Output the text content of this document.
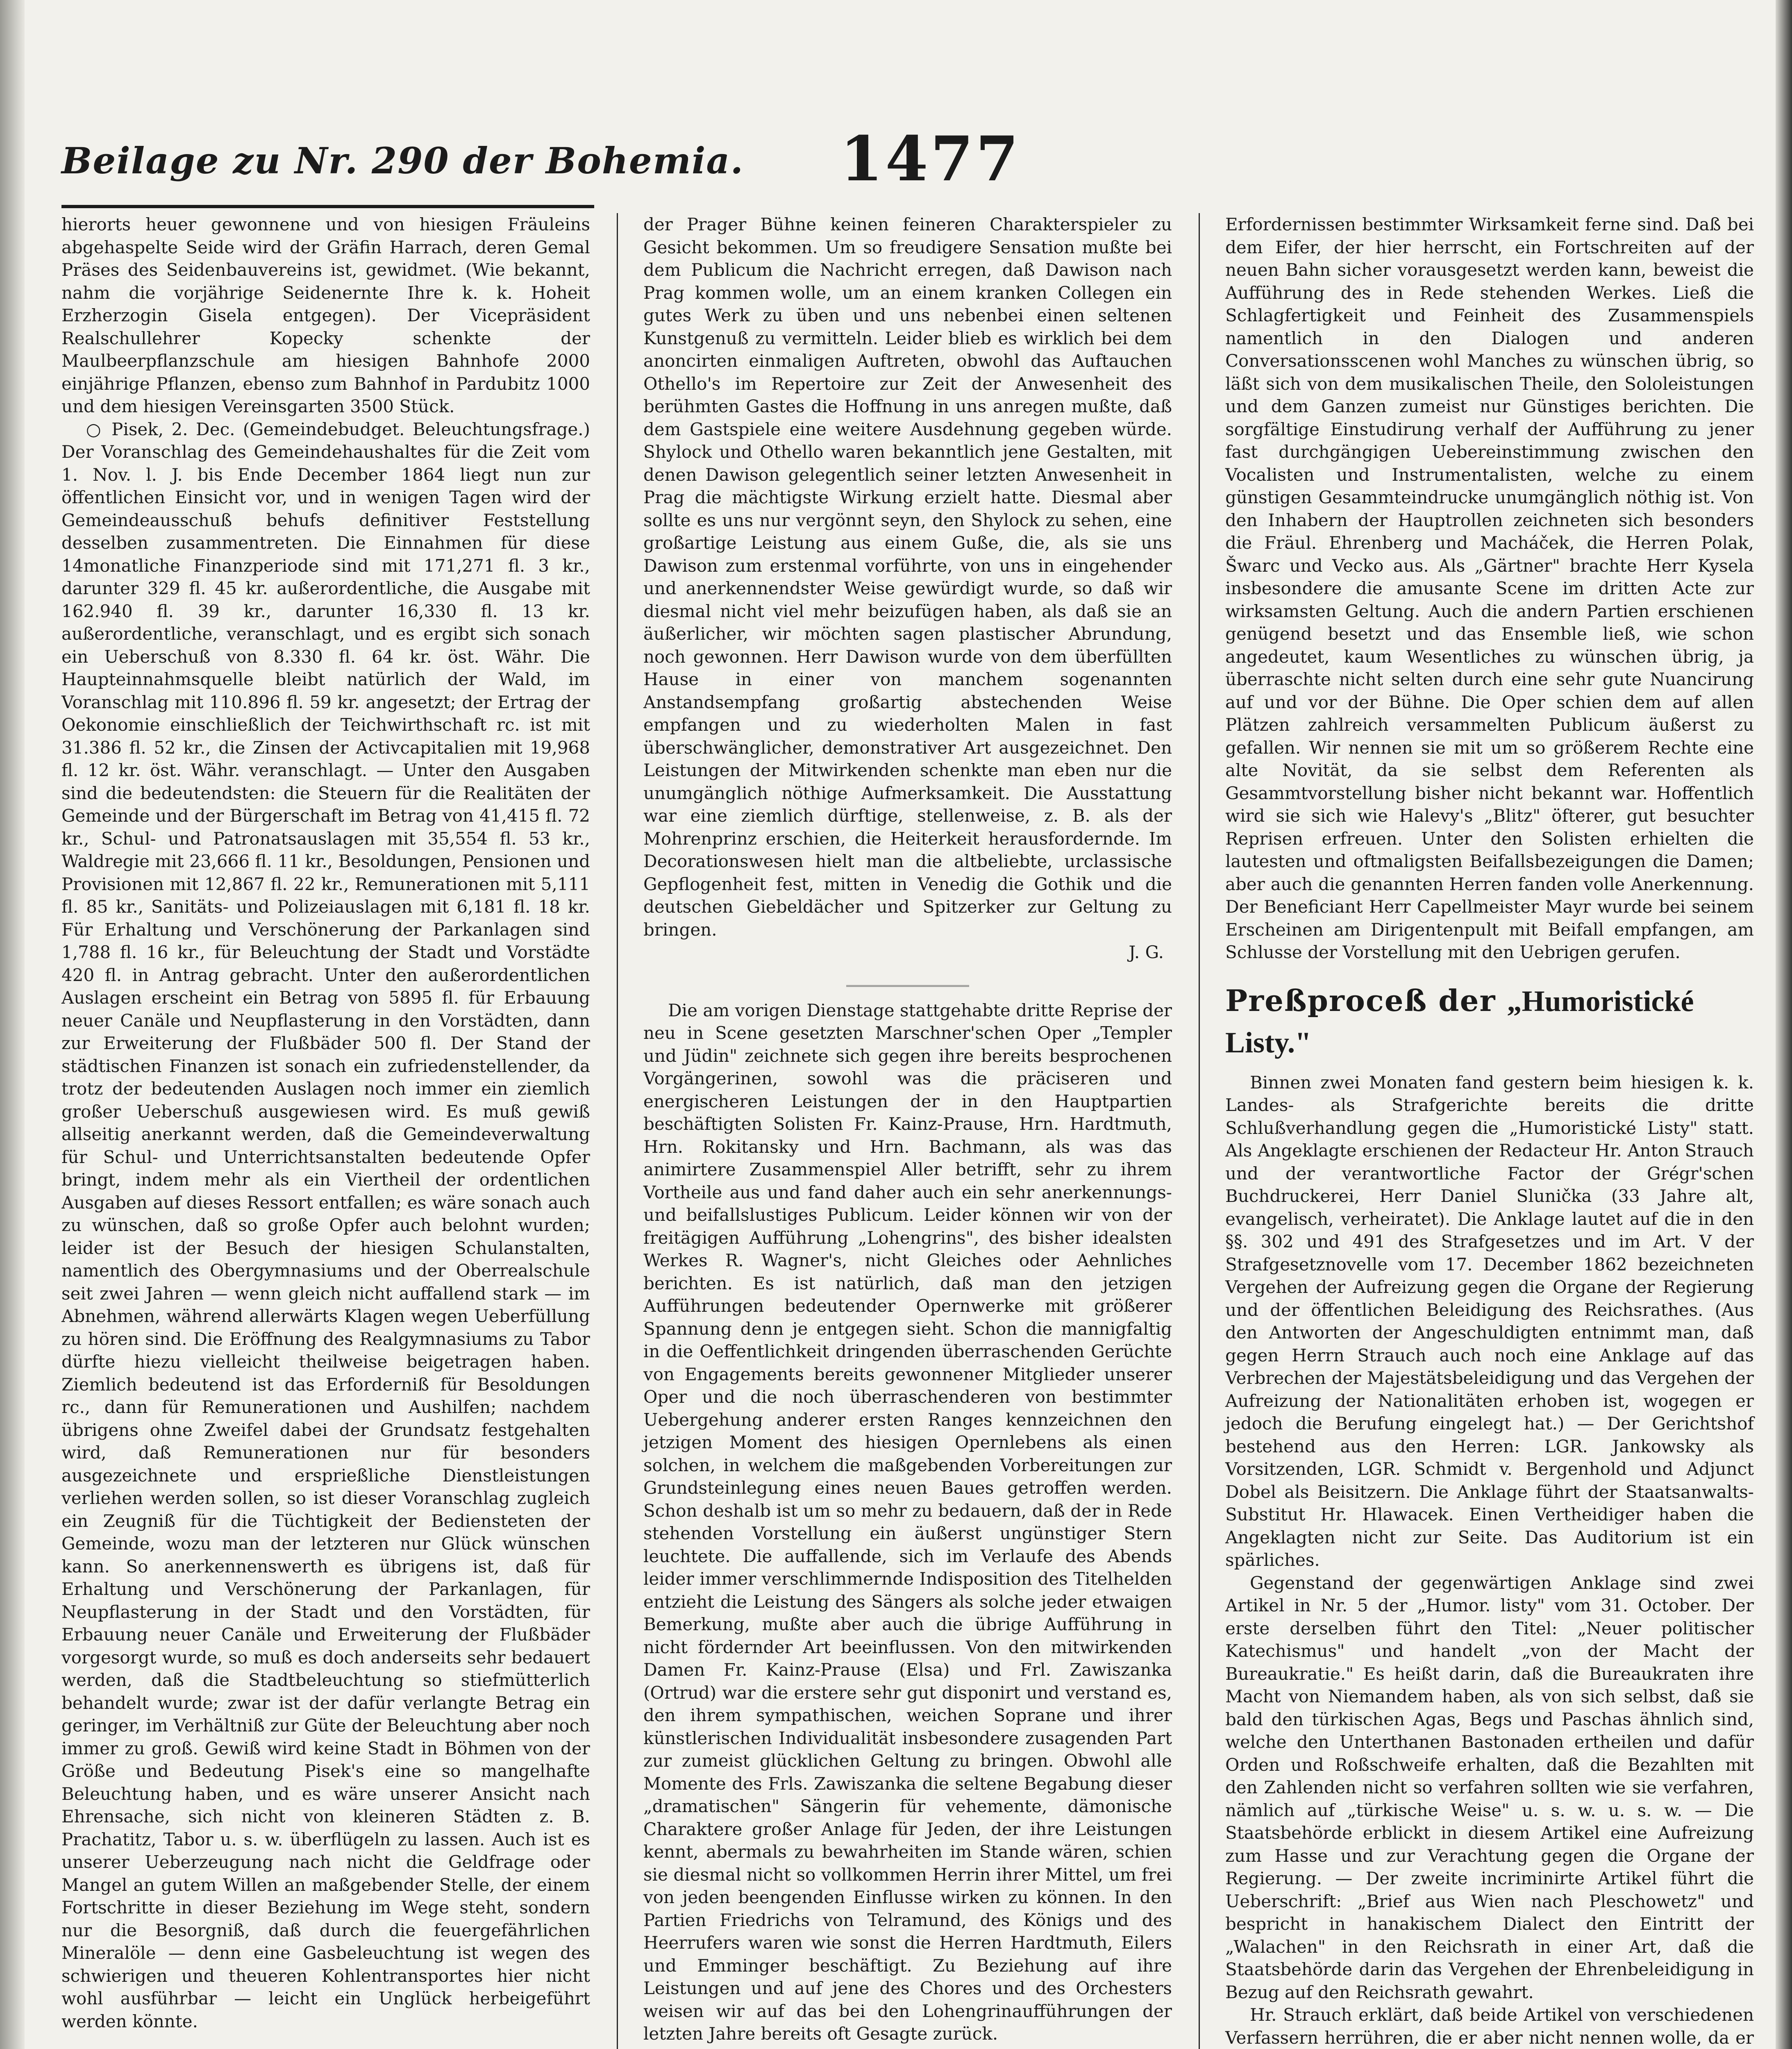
Beilage zu Nr. 290 der Bohemia. 1477

hierorts heuer gewonnene und von hiesigen Fräuleins abgehaspelte Seide wird der Gräfin Harrach, deren Gemal Präses des Seidenbauvereins ist, gewidmet. (Wie bekannt, nahm die vorjährige Seidenernte Ihre k. k. Hoheit Erzherzogin Gisela entgegen). Der Vicepräsident Realschullehrer Kopecky schenkte der Maulbeerpflanzschule am hiesigen Bahnhofe 2000 einjährige Pflanzen, ebenso zum Bahnhof in Pardubitz 1000 und dem hiesigen Vereinsgarten 3500 Stück.

○ Pisek, 2. Dec. (Gemeindebudget. Beleuchtungsfrage.) Der Voranschlag des Gemeindehaushaltes für die Zeit vom 1. Nov. l. J. bis Ende December 1864 liegt nun zur öffentlichen Einsicht vor, und in wenigen Tagen wird der Gemeindeausschuß behufs definitiver Feststellung desselben zusammentreten. Die Einnahmen für diese 14monatliche Finanzperiode sind mit 171,271 fl. 3 kr., darunter 329 fl. 45 kr. außerordentliche, die Ausgabe mit 162.940 fl. 39 kr., darunter 16,330 fl. 13 kr. außerordentliche, veranschlagt, und es ergibt sich sonach ein Ueberschuß von 8.330 fl. 64 kr. öst. Währ. Die Haupteinnahmsquelle bleibt natürlich der Wald, im Voranschlag mit 110.896 fl. 59 kr. angesetzt; der Ertrag der Oekonomie einschließlich der Teichwirthschaft rc. ist mit 31.386 fl. 52 kr., die Zinsen der Activcapitalien mit 19,968 fl. 12 kr. öst. Währ. veranschlagt. — Unter den Ausgaben sind die bedeutendsten: die Steuern für die Realitäten der Gemeinde und der Bürgerschaft im Betrag von 41,415 fl. 72 kr., Schul- und Patronatsauslagen mit 35,554 fl. 53 kr., Waldregie mit 23,666 fl. 11 kr., Besoldungen, Pensionen und Provisionen mit 12,867 fl. 22 kr., Remunerationen mit 5,111 fl. 85 kr., Sanitäts- und Polizeiauslagen mit 6,181 fl. 18 kr. Für Erhaltung und Verschönerung der Parkanlagen sind 1,788 fl. 16 kr., für Beleuchtung der Stadt und Vorstädte 420 fl. in Antrag gebracht. Unter den außerordentlichen Auslagen erscheint ein Betrag von 5895 fl. für Erbauung neuer Canäle und Neupflasterung in den Vorstädten, dann zur Erweiterung der Flußbäder 500 fl. Der Stand der städtischen Finanzen ist sonach ein zufriedenstellender, da trotz der bedeutenden Auslagen noch immer ein ziemlich großer Ueberschuß ausgewiesen wird. Es muß gewiß allseitig anerkannt werden, daß die Gemeindeverwaltung für Schul- und Unterrichtsanstalten bedeutende Opfer bringt, indem mehr als ein Viertheil der ordentlichen Ausgaben auf dieses Ressort entfallen; es wäre sonach auch zu wünschen, daß so große Opfer auch belohnt wurden; leider ist der Besuch der hiesigen Schulanstalten, namentlich des Obergymnasiums und der Oberrealschule seit zwei Jahren — wenn gleich nicht auffallend stark — im Abnehmen, während allerwärts Klagen wegen Ueberfüllung zu hören sind. Die Eröffnung des Realgymnasiums zu Tabor dürfte hiezu vielleicht theilweise beigetragen haben. Ziemlich bedeutend ist das Erforderniß für Besoldungen rc., dann für Remunerationen und Aushilfen; nachdem übrigens ohne Zweifel dabei der Grundsatz festgehalten wird, daß Remunerationen nur für besonders ausgezeichnete und ersprießliche Dienstleistungen verliehen werden sollen, so ist dieser Voranschlag zugleich ein Zeugniß für die Tüchtigkeit der Bediensteten der Gemeinde, wozu man der letzteren nur Glück wünschen kann. So anerkennenswerth es übrigens ist, daß für Erhaltung und Verschönerung der Parkanlagen, für Neupflasterung in der Stadt und den Vorstädten, für Erbauung neuer Canäle und Erweiterung der Flußbäder vorgesorgt wurde, so muß es doch anderseits sehr bedauert werden, daß die Stadtbeleuchtung so stiefmütterlich behandelt wurde; zwar ist der dafür verlangte Betrag ein geringer, im Verhältniß zur Güte der Beleuchtung aber noch immer zu groß. Gewiß wird keine Stadt in Böhmen von der Größe und Bedeutung Pisek's eine so mangelhafte Beleuchtung haben, und es wäre unserer Ansicht nach Ehrensache, sich nicht von kleineren Städten z. B. Prachatitz, Tabor u. s. w. überflügeln zu lassen. Auch ist es unserer Ueberzeugung nach nicht die Geldfrage oder Mangel an gutem Willen an maßgebender Stelle, der einem Fortschritte in dieser Beziehung im Wege steht, sondern nur die Besorgniß, daß durch die feuergefährlichen Mineralöle — denn eine Gasbeleuchtung ist wegen des schwierigen und theueren Kohlentransportes hier nicht wohl ausführbar — leicht ein Unglück herbeigeführt werden könnte.

der Prager Bühne keinen feineren Charakterspieler zu Gesicht bekommen. Um so freudigere Sensation mußte bei dem Publicum die Nachricht erregen, daß Dawison nach Prag kommen wolle, um an einem kranken Collegen ein gutes Werk zu üben und uns nebenbei einen seltenen Kunstgenuß zu vermitteln. Leider blieb es wirklich bei dem anoncirten einmaligen Auftreten, obwohl das Auftauchen Othello's im Repertoire zur Zeit der Anwesenheit des berühmten Gastes die Hoffnung in uns anregen mußte, daß dem Gastspiele eine weitere Ausdehnung gegeben würde. Shylock und Othello waren bekanntlich jene Gestalten, mit denen Dawison gelegentlich seiner letzten Anwesenheit in Prag die mächtigste Wirkung erzielt hatte. Diesmal aber sollte es uns nur vergönnt seyn, den Shylock zu sehen, eine großartige Leistung aus einem Guße, die, als sie uns Dawison zum erstenmal vorführte, von uns in eingehender und anerkennendster Weise gewürdigt wurde, so daß wir diesmal nicht viel mehr beizufügen haben, als daß sie an äußerlicher, wir möchten sagen plastischer Abrundung, noch gewonnen. Herr Dawison wurde von dem überfüllten Hause in einer von manchem sogenannten Anstandsempfang großartig abstechenden Weise empfangen und zu wiederholten Malen in fast überschwänglicher, demonstrativer Art ausgezeichnet. Den Leistungen der Mitwirkenden schenkte man eben nur die unumgänglich nöthige Aufmerksamkeit. Die Ausstattung war eine ziemlich dürftige, stellenweise, z. B. als der Mohrenprinz erschien, die Heiterkeit herausfordernde. Im Decorationswesen hielt man die altbeliebte, urclassische Gepflogenheit fest, mitten in Venedig die Gothik und die deutschen Giebeldächer und Spitzerker zur Geltung zu bringen.

J. G.

Die am vorigen Dienstage stattgehabte dritte Reprise der neu in Scene gesetzten Marschner'schen Oper „Templer und Jüdin" zeichnete sich gegen ihre bereits besprochenen Vorgängerinen, sowohl was die präciseren und energischeren Leistungen der in den Hauptpartien beschäftigten Solisten Fr. Kainz-Prause, Hrn. Hardtmuth, Hrn. Rokitansky und Hrn. Bachmann, als was das animirtere Zusammenspiel Aller betrifft, sehr zu ihrem Vortheile aus und fand daher auch ein sehr anerkennungs- und beifallslustiges Publicum. Leider können wir von der freitägigen Aufführung „Lohengrins", des bisher idealsten Werkes R. Wagner's, nicht Gleiches oder Aehnliches berichten. Es ist natürlich, daß man den jetzigen Aufführungen bedeutender Opernwerke mit größerer Spannung denn je entgegen sieht. Schon die mannigfaltig in die Oeffentlichkeit dringenden überraschenden Gerüchte von Engagements bereits gewonnener Mitglieder unserer Oper und die noch überraschenderen von bestimmter Uebergehung anderer ersten Ranges kennzeichnen den jetzigen Moment des hiesigen Opernlebens als einen solchen, in welchem die maßgebenden Vorbereitungen zur Grundsteinlegung eines neuen Baues getroffen werden. Schon deshalb ist um so mehr zu bedauern, daß der in Rede stehenden Vorstellung ein äußerst ungünstiger Stern leuchtete. Die auffallende, sich im Verlaufe des Abends leider immer verschlimmernde Indisposition des Titelhelden entzieht die Leistung des Sängers als solche jeder etwaigen Bemerkung, mußte aber auch die übrige Aufführung in nicht fördernder Art beeinflussen. Von den mitwirkenden Damen Fr. Kainz-Prause (Elsa) und Frl. Zawiszanka (Ortrud) war die erstere sehr gut disponirt und verstand es, den ihrem sympathischen, weichen Soprane und ihrer künstlerischen Individualität insbesondere zusagenden Part zur zumeist glücklichen Geltung zu bringen. Obwohl alle Momente des Frls. Zawiszanka die seltene Begabung dieser „dramatischen" Sängerin für vehemente, dämonische Charaktere großer Anlage für Jeden, der ihre Leistungen kennt, abermals zu bewahrheiten im Stande wären, schien sie diesmal nicht so vollkommen Herrin ihrer Mittel, um frei von jeden beengenden Einflusse wirken zu können. In den Partien Friedrichs von Telramund, des Königs und des Heerrufers waren wie sonst die Herren Hardtmuth, Eilers und Emminger beschäftigt. Zu Beziehung auf ihre Leistungen und auf jene des Chores und des Orchesters weisen wir auf das bei den Lohengrinaufführungen der letzten Jahre bereits oft Gesagte zurück.

Erfordernissen bestimmter Wirksamkeit ferne sind. Daß bei dem Eifer, der hier herrscht, ein Fortschreiten auf der neuen Bahn sicher vorausgesetzt werden kann, beweist die Aufführung des in Rede stehenden Werkes. Ließ die Schlagfertigkeit und Feinheit des Zusammenspiels namentlich in den Dialogen und anderen Conversationsscenen wohl Manches zu wünschen übrig, so läßt sich von dem musikalischen Theile, den Sololeistungen und dem Ganzen zumeist nur Günstiges berichten. Die sorgfältige Einstudirung verhalf der Aufführung zu jener fast durchgängigen Uebereinstimmung zwischen den Vocalisten und Instrumentalisten, welche zu einem günstigen Gesammteindrucke unumgänglich nöthig ist. Von den Inhabern der Hauptrollen zeichneten sich besonders die Fräul. Ehrenberg und Macháček, die Herren Polak, Šwarc und Vecko aus. Als „Gärtner" brachte Herr Kysela insbesondere die amusante Scene im dritten Acte zur wirksamsten Geltung. Auch die andern Partien erschienen genügend besetzt und das Ensemble ließ, wie schon angedeutet, kaum Wesentliches zu wünschen übrig, ja überraschte nicht selten durch eine sehr gute Nuancirung auf und vor der Bühne. Die Oper schien dem auf allen Plätzen zahlreich versammelten Publicum äußerst zu gefallen. Wir nennen sie mit um so größerem Rechte eine alte Novität, da sie selbst dem Referenten als Gesammtvorstellung bisher nicht bekannt war. Hoffentlich wird sie sich wie Halevy's „Blitz" öfterer, gut besuchter Reprisen erfreuen. Unter den Solisten erhielten die lautesten und oftmaligsten Beifallsbezeigungen die Damen; aber auch die genannten Herren fanden volle Anerkennung. Der Beneficiant Herr Capellmeister Mayr wurde bei seinem Erscheinen am Dirigentenpult mit Beifall empfangen, am Schlusse der Vorstellung mit den Uebrigen gerufen.

Preßproceß der „Humoristické Listy."

Binnen zwei Monaten fand gestern beim hiesigen k. k. Landes- als Strafgerichte bereits die dritte Schlußverhandlung gegen die „Humoristické Listy" statt. Als Angeklagte erschienen der Redacteur Hr. Anton Strauch und der verantwortliche Factor der Grégr'schen Buchdruckerei, Herr Daniel Slunička (33 Jahre alt, evangelisch, verheiratet). Die Anklage lautet auf die in den §§. 302 und 491 des Strafgesetzes und im Art. V der Strafgesetznovelle vom 17. December 1862 bezeichneten Vergehen der Aufreizung gegen die Organe der Regierung und der öffentlichen Beleidigung des Reichsrathes. (Aus den Antworten der Angeschuldigten entnimmt man, daß gegen Herrn Strauch auch noch eine Anklage auf das Verbrechen der Majestätsbeleidigung und das Vergehen der Aufreizung der Nationalitäten erhoben ist, wogegen er jedoch die Berufung eingelegt hat.) — Der Gerichtshof bestehend aus den Herren: LGR. Jankowsky als Vorsitzenden, LGR. Schmidt v. Bergenhold und Adjunct Dobel als Beisitzern. Die Anklage führt der Staatsanwalts-Substitut Hr. Hlawacek. Einen Vertheidiger haben die Angeklagten nicht zur Seite. Das Auditorium ist ein spärliches.

Gegenstand der gegenwärtigen Anklage sind zwei Artikel in Nr. 5 der „Humor. listy" vom 31. October. Der erste derselben führt den Titel: „Neuer politischer Katechismus" und handelt „von der Macht der Bureaukratie." Es heißt darin, daß die Bureaukraten ihre Macht von Niemandem haben, als von sich selbst, daß sie bald den türkischen Agas, Begs und Paschas ähnlich sind, welche den Unterthanen Bastonaden ertheilen und dafür Orden und Roßschweife erhalten, daß die Bezahlten mit den Zahlenden nicht so verfahren sollten wie sie verfahren, nämlich auf „türkische Weise" u. s. w. u. s. w. — Die Staatsbehörde erblickt in diesem Artikel eine Aufreizung zum Hasse und zur Verachtung gegen die Organe der Regierung. — Der zweite incriminirte Artikel führt die Ueberschrift: „Brief aus Wien nach Pleschowetz" und bespricht in hanakischem Dialect den Eintritt der „Walachen" in den Reichsrath in einer Art, daß die Staatsbehörde darin das Vergehen der Ehrenbeleidigung in Bezug auf den Reichsrath gewahrt.

Hr. Strauch erklärt, daß beide Artikel von verschiedenen Verfassern herrühren, die er aber nicht nennen wolle, da er
